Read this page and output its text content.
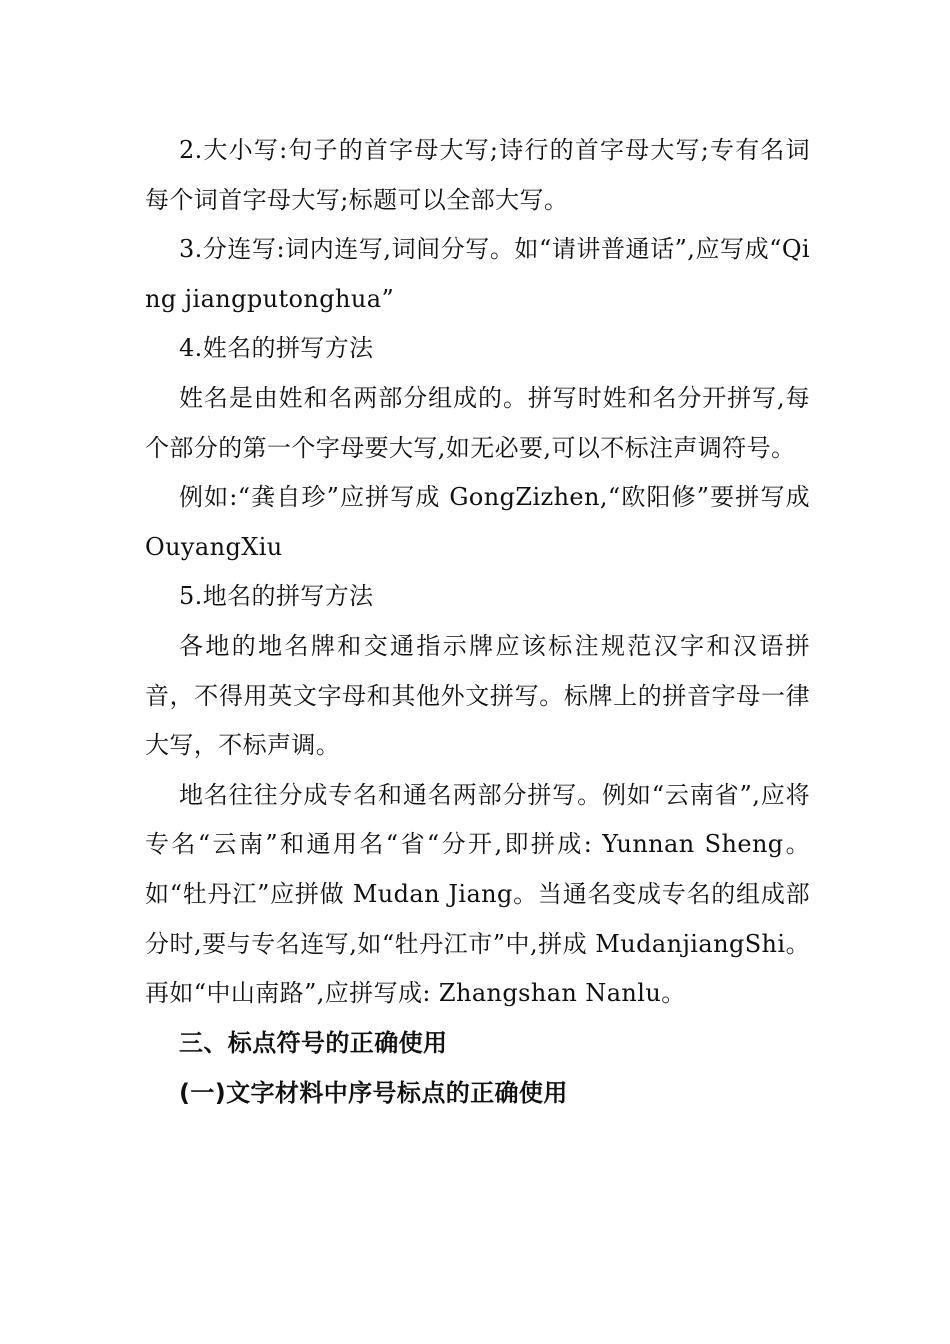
2.大小写:句子的首字母大写;诗行的首字母大写;专有名词每个词首字母大写;标题可以全部大写。

3.分连写:词内连写,词间分写。如“请讲普通话”,应写成“Qing jiangputonghua”

4.姓名的拼写方法

姓名是由姓和名两部分组成的。拼写时姓和名分开拼写,每个部分的第一个字母要大写,如无必要,可以不标注声调符号。

例如:“龚自珍”应拼写成 GongZizhen,“欧阳修”要拼写成 OuyangXiu

5.地名的拼写方法

各地的地名牌和交通指示牌应该标注规范汉字和汉语拼音，不得用英文字母和其他外文拼写。标牌上的拼音字母一律大写，不标声调。

地名往往分成专名和通名两部分拼写。例如“云南省”,应将专名“云南”和通用名“省“分开,即拼成: Yunnan Sheng。如“牡丹江”应拼做 Mudan Jiang。当通名变成专名的组成部分时,要与专名连写,如“牡丹江市”中,拼成 MudanjiangShi。再如“中山南路”,应拼写成: Zhangshan Nanlu。

三、标点符号的正确使用

(一)文字材料中序号标点的正确使用
